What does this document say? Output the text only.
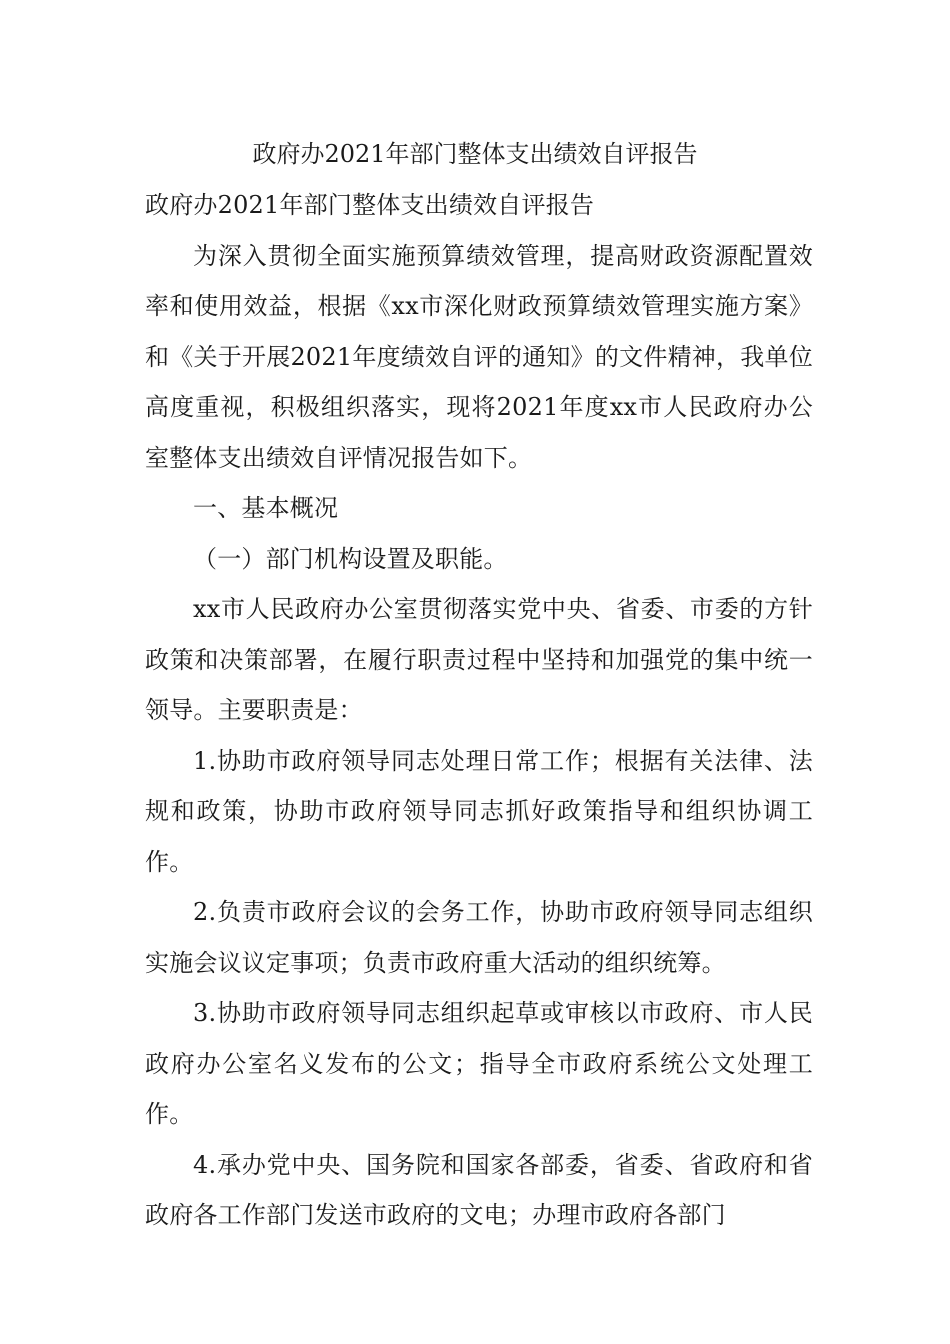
政府办2021年部门整体支出绩效自评报告

政府办2021年部门整体支出绩效自评报告

为深入贯彻全面实施预算绩效管理，提高财政资源配置效率和使用效益，根据《xx市深化财政预算绩效管理实施方案》和《关于开展2021年度绩效自评的通知》的文件精神，我单位高度重视，积极组织落实，现将2021年度xx市人民政府办公室整体支出绩效自评情况报告如下。

一、基本概况

（一）部门机构设置及职能。

xx市人民政府办公室贯彻落实党中央、省委、市委的方针政策和决策部署，在履行职责过程中坚持和加强党的集中统一领导。主要职责是：

1.协助市政府领导同志处理日常工作；根据有关法律、法规和政策，协助市政府领导同志抓好政策指导和组织协调工作。

2.负责市政府会议的会务工作，协助市政府领导同志组织实施会议议定事项；负责市政府重大活动的组织统筹。

3.协助市政府领导同志组织起草或审核以市政府、市人民政府办公室名义发布的公文；指导全市政府系统公文处理工作。

4.承办党中央、国务院和国家各部委，省委、省政府和省政府各工作部门发送市政府的文电；办理市政府各部门
